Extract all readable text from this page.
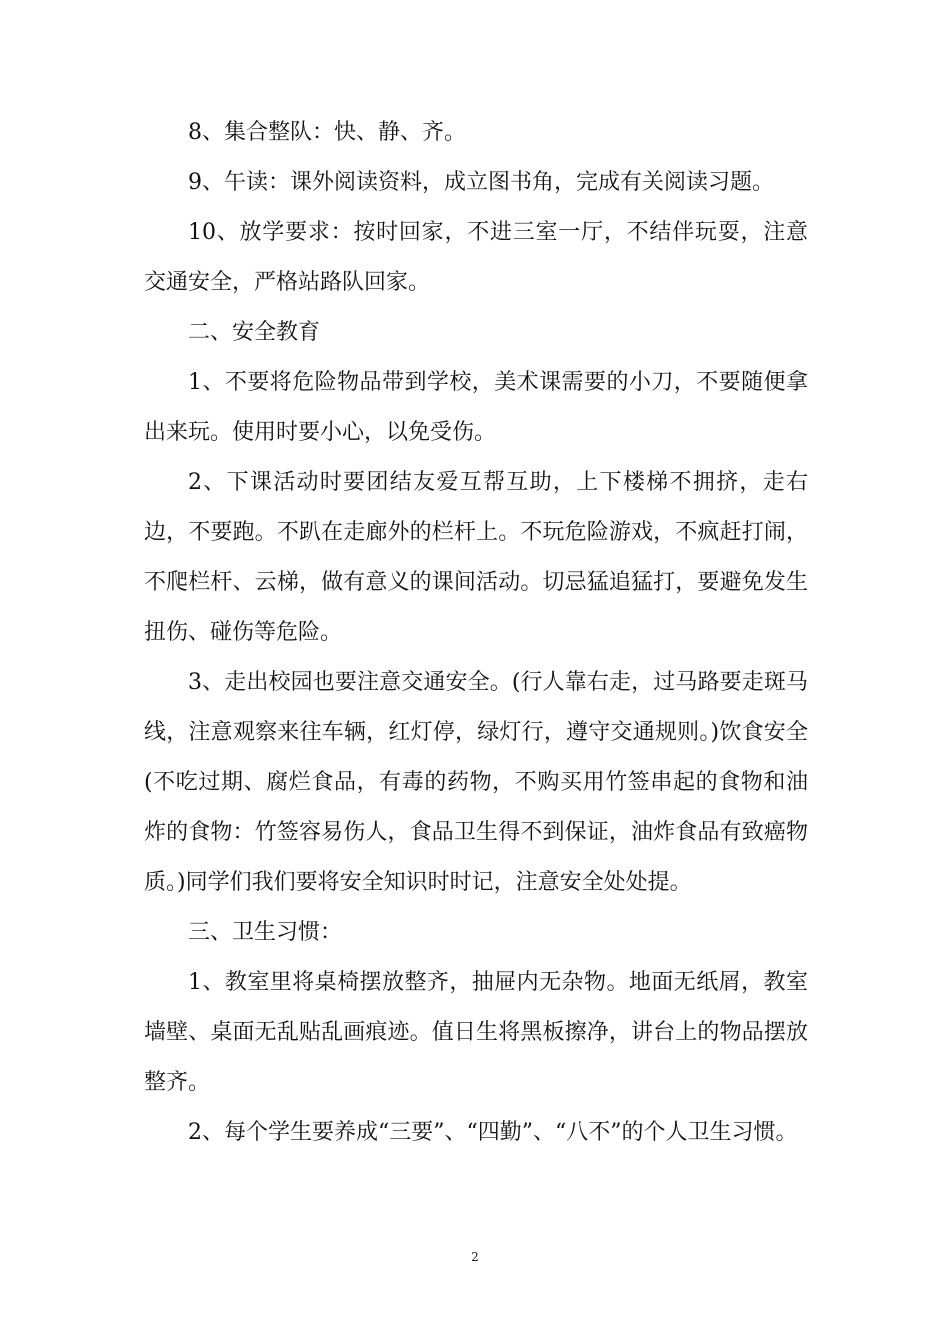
8、集合整队：快、静、齐。

9、午读：课外阅读资料，成立图书角，完成有关阅读习题。

10、放学要求：按时回家，不进三室一厅，不结伴玩耍，注意交通安全，严格站路队回家。

二、安全教育

1、不要将危险物品带到学校，美术课需要的小刀，不要随便拿出来玩。使用时要小心，以免受伤。

2、下课活动时要团结友爱互帮互助，上下楼梯不拥挤，走右边，不要跑。不趴在走廊外的栏杆上。不玩危险游戏，不疯赶打闹，不爬栏杆、云梯，做有意义的课间活动。切忌猛追猛打，要避免发生扭伤、碰伤等危险。

3、走出校园也要注意交通安全。(行人靠右走，过马路要走斑马线，注意观察来往车辆，红灯停，绿灯行，遵守交通规则。)饮食安全(不吃过期、腐烂食品，有毒的药物，不购买用竹签串起的食物和油炸的食物：竹签容易伤人，食品卫生得不到保证，油炸食品有致癌物质。)同学们我们要将安全知识时时记，注意安全处处提。

三、卫生习惯：

1、教室里将桌椅摆放整齐，抽屉内无杂物。地面无纸屑，教室墙壁、桌面无乱贴乱画痕迹。值日生将黑板擦净，讲台上的物品摆放整齐。

2、每个学生要养成“三要”、“四勤”、“八不”的个人卫生习惯。

2
